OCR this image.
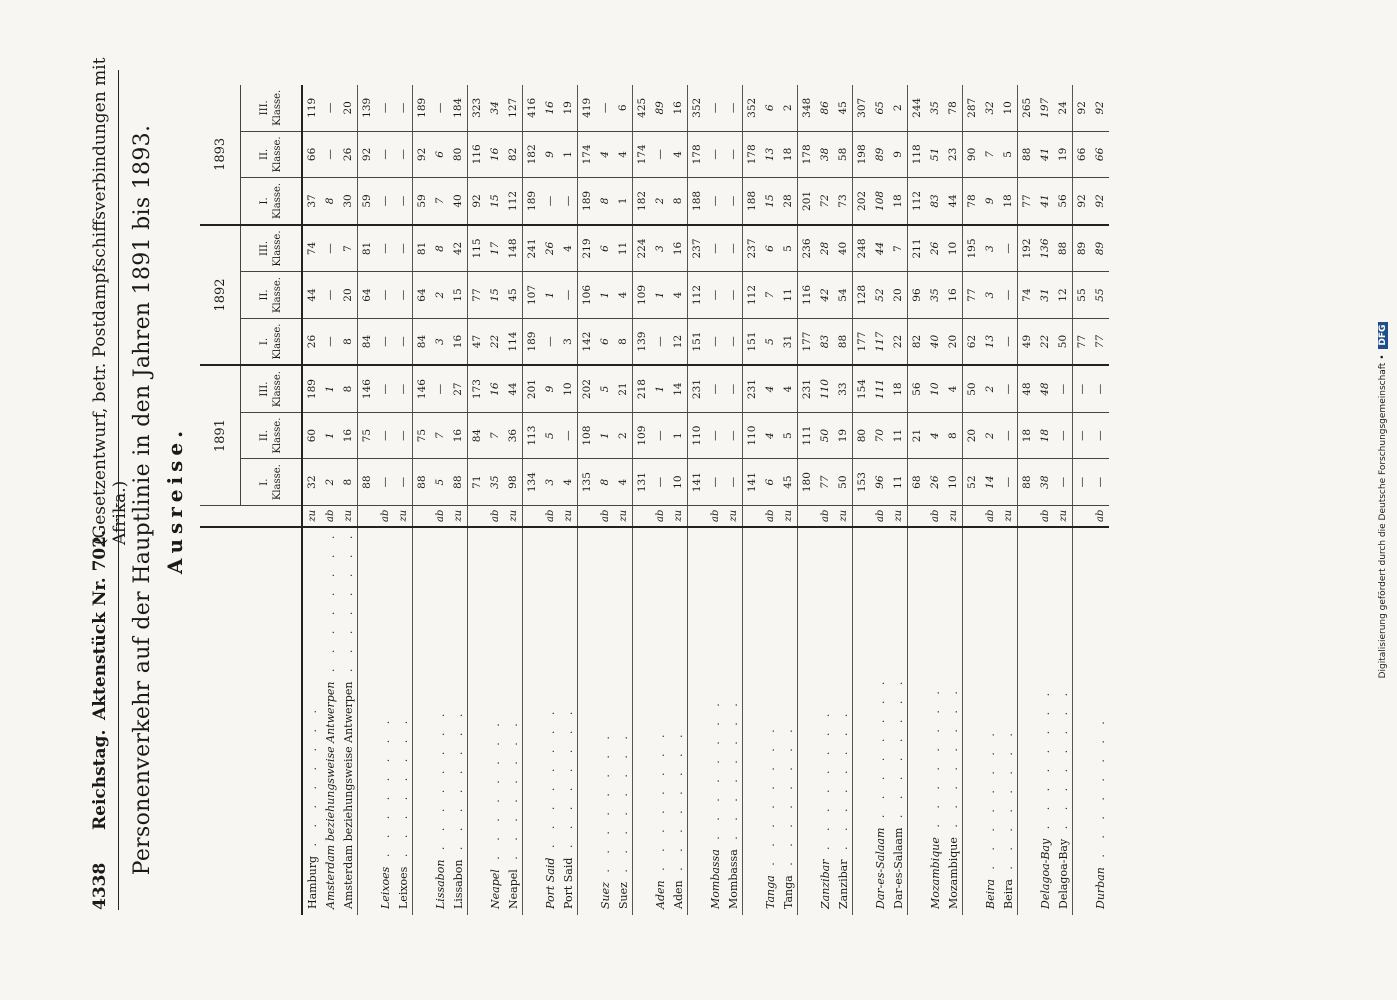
4338
Reichstag.
Aktenstück Nr. 702.
(Gesetzentwurf, betr. Postdampfschiffsverbindungen mit Afrika.) Personenverkehr auf der Hauptlinie in den Jahren 1891 bis 1893. Ausreise.
		1891			1892			1893		
		I. Klasse.	II. Klasse.	III. Klasse.	I. Klasse.	II. Klasse.	III. Klasse.	I. Klasse.	II. Klasse.	III. Klasse.
Hamburg . . . . . . . .	zu	32	60	189	26	44	74	37	66	119
Amsterdam beziehungsweise Antwerpen . . . . . . . .	ab	2	1	1	—	—	—	8	—	—
Amsterdam beziehungsweise Antwerpen . . . . . . . .	zu	8	16	8	8	20	7	30	26	20
		88	75	146	84	64	81	59	92	139
Leixoes . . . . . . . .	ab	—	—	—	—	—	—	—	—	—
Leixoes . . . . . . . .	zu	—	—	—	—	—	—	—	—	—
		88	75	146	84	64	81	59	92	189
Lissabon . . . . . . . .	ab	5	7	—	3	2	8	7	6	—
Lissabon . . . . . . . .	zu	88	16	27	16	15	42	40	80	184
		71	84	173	47	77	115	92	116	323
Neapel . . . . . . . .	ab	35	7	16	22	15	17	15	16	34
Neapel . . . . . . . .	zu	98	36	44	114	45	148	112	82	127
		134	113	201	189	107	241	189	182	416
Port Said . . . . . . . .	ab	3	5	9	—	1	26	—	9	16
Port Said . . . . . . . .	zu	4	—	10	3	—	4	—	1	19
		135	108	202	142	106	219	189	174	419
Suez . . . . . . . .	ab	8	1	5	6	1	6	8	4	—
Suez . . . . . . . .	zu	4	2	21	8	4	11	1	4	6
		131	109	218	139	109	224	182	174	425
Aden . . . . . . . .	ab	—	—	1	—	1	3	2	—	89
Aden . . . . . . . .	zu	10	1	14	12	4	16	8	4	16
		141	110	231	151	112	237	188	178	352
Mombassa . . . . . . . .	ab	—	—	—	—	—	—	—	—	—
Mombassa . . . . . . . .	zu	—	—	—	—	—	—	—	—	—
		141	110	231	151	112	237	188	178	352
Tanga . . . . . . . .	ab	6	4	4	5	7	6	15	13	6
Tanga . . . . . . . .	zu	45	5	4	31	11	5	28	18	2
		180	111	231	177	116	236	201	178	348
Zanzibar . . . . . . . .	ab	77	50	110	83	42	28	72	38	86
Zanzibar . . . . . . . .	zu	50	19	33	88	54	40	73	58	45
		153	80	154	177	128	248	202	198	307
Dar-es-Salaam . . . . . . . .	ab	96	70	111	117	52	44	108	89	65
Dar-es-Salaam . . . . . . . .	zu	11	11	18	22	20	7	18	9	2
		68	21	56	82	96	211	112	118	244
Mozambique . . . . . . . .	ab	26	4	10	40	35	26	83	51	35
Mozambique . . . . . . . .	zu	10	8	4	20	16	10	44	23	78
		52	20	50	62	77	195	78	90	287
Beira . . . . . . . .	ab	14	2	2	13	3	3	9	7	32
Beira . . . . . . . .	zu	—	—	—	—	—	—	18	5	10
		88	18	48	49	74	192	77	88	265
Delagoa-Bay . . . . . . . .	ab	38	18	48	22	31	136	41	41	197
Delagoa-Bay . . . . . . . .	zu	—	—	—	50	12	88	56	19	24
		—	—	—	77	55	89	92	66	92
Durban . . . . . . . .	ab	—	—	—	77	55	89	92	66	92
Digitalisierung gefördert durch die Deutsche Forschungsgemeinschaft • DFG
